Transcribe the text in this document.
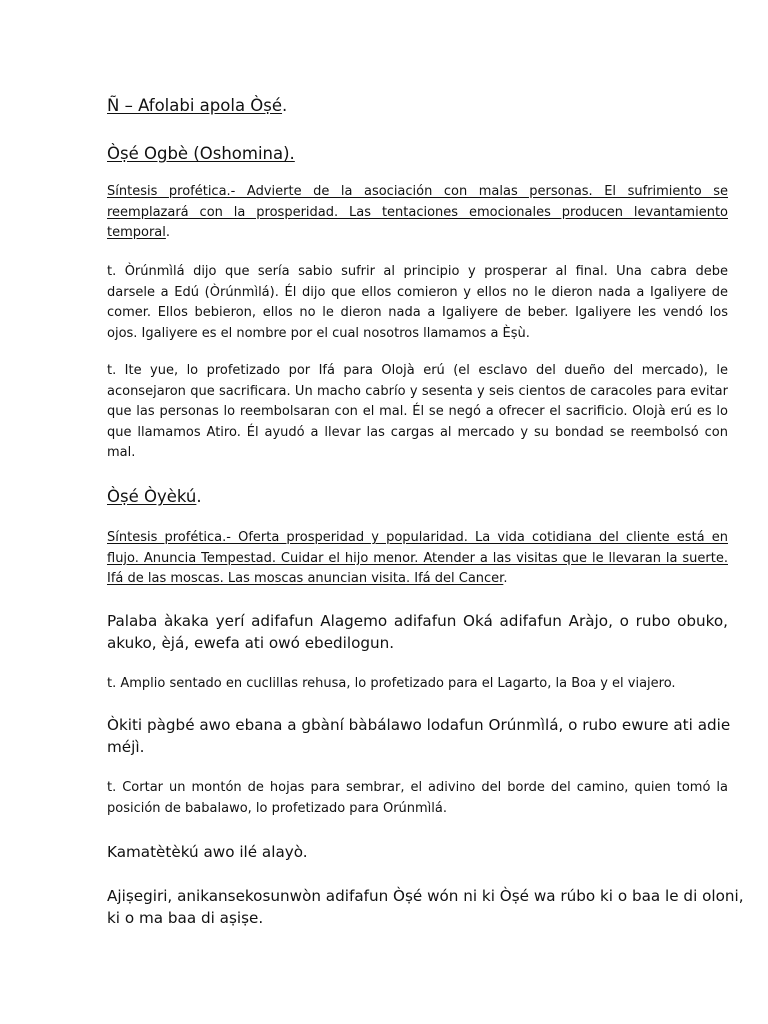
Ñ – Afolabi apola Òṣé.
Òṣé Ogbè (Oshomina).
Síntesis profética.- Advierte de la asociación con malas personas. El sufrimiento se
reemplazará con la prosperidad. Las tentaciones emocionales producen levantamiento
temporal.
t. Òrúnmìlá dijo que sería sabio sufrir al principio y prosperar al final. Una cabra debe
darsele a Edú (Òrúnmìlá). Él dijo que ellos comieron y ellos no le dieron nada a Igaliyere de
comer. Ellos bebieron, ellos no le dieron nada a Igaliyere de beber. Igaliyere les vendó los
ojos. Igaliyere es el nombre por el cual nosotros llamamos a Èṣù.
t. Ite yue, lo profetizado por Ifá para Olojà erú (el esclavo del dueño del mercado), le
aconsejaron que sacrificara. Un macho cabrío y sesenta y seis cientos de caracoles para evitar
que las personas lo reembolsaran con el mal. Él se negó a ofrecer el sacrificio. Olojà erú es lo
que llamamos Atiro. Él ayudó a llevar las cargas al mercado y su bondad se reembolsó con
mal.
Òṣé Òyèkú.
Síntesis profética.- Oferta prosperidad y popularidad. La vida cotidiana del cliente está en
flujo. Anuncia Tempestad. Cuidar el hijo menor. Atender a las visitas que le llevaran la suerte.
Ifá de las moscas. Las moscas anuncian visita. Ifá del Cancer.
Palaba àkaka yerí adifafun Alagemo adifafun Oká adifafun Aràjo, o rubo obuko,
akuko, èjá, ewefa ati owó ebedilogun.
t. Amplio sentado en cuclillas rehusa, lo profetizado para el Lagarto, la Boa y el viajero.
Òkiti pàgbé awo ebana a gbàní bàbálawo lodafun Orúnmìlá, o rubo ewure ati adie
méjì.
t. Cortar un montón de hojas para sembrar, el adivino del borde del camino, quien tomó la
posición de babalawo, lo profetizado para Orúnmìlá.
Kamatètèkú awo ilé alayò.
Ajiṣegiri, anikansekosunwòn adifafun Òṣé wón ni ki Òṣé wa rúbo ki o baa le di oloni,
ki o ma baa di aṣiṣe.
